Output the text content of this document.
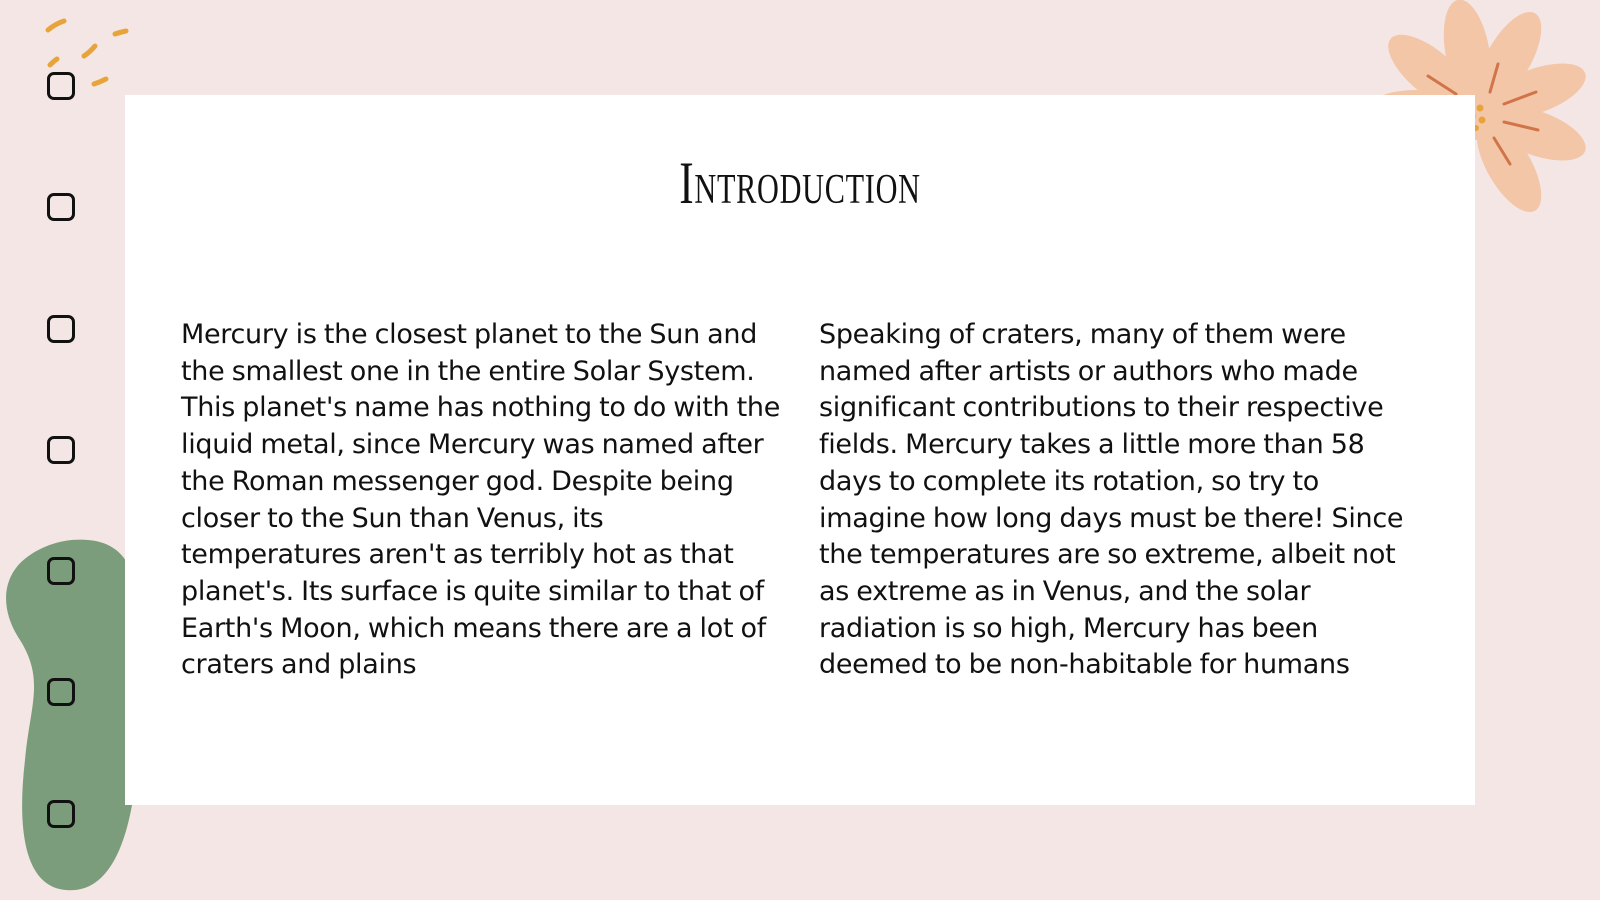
Introduction

Mercury is the closest planet to the Sun and the smallest one in the entire Solar System. This planet's name has nothing to do with the liquid metal, since Mercury was named after the Roman messenger god. Despite being closer to the Sun than Venus, its temperatures aren't as terribly hot as that planet's. Its surface is quite similar to that of Earth's Moon, which means there are a lot of craters and plains

Speaking of craters, many of them were named after artists or authors who made significant contributions to their respective fields. Mercury takes a little more than 58 days to complete its rotation, so try to imagine how long days must be there! Since the temperatures are so extreme, albeit not as extreme as in Venus, and the solar radiation is so high, Mercury has been deemed to be non-habitable for humans
